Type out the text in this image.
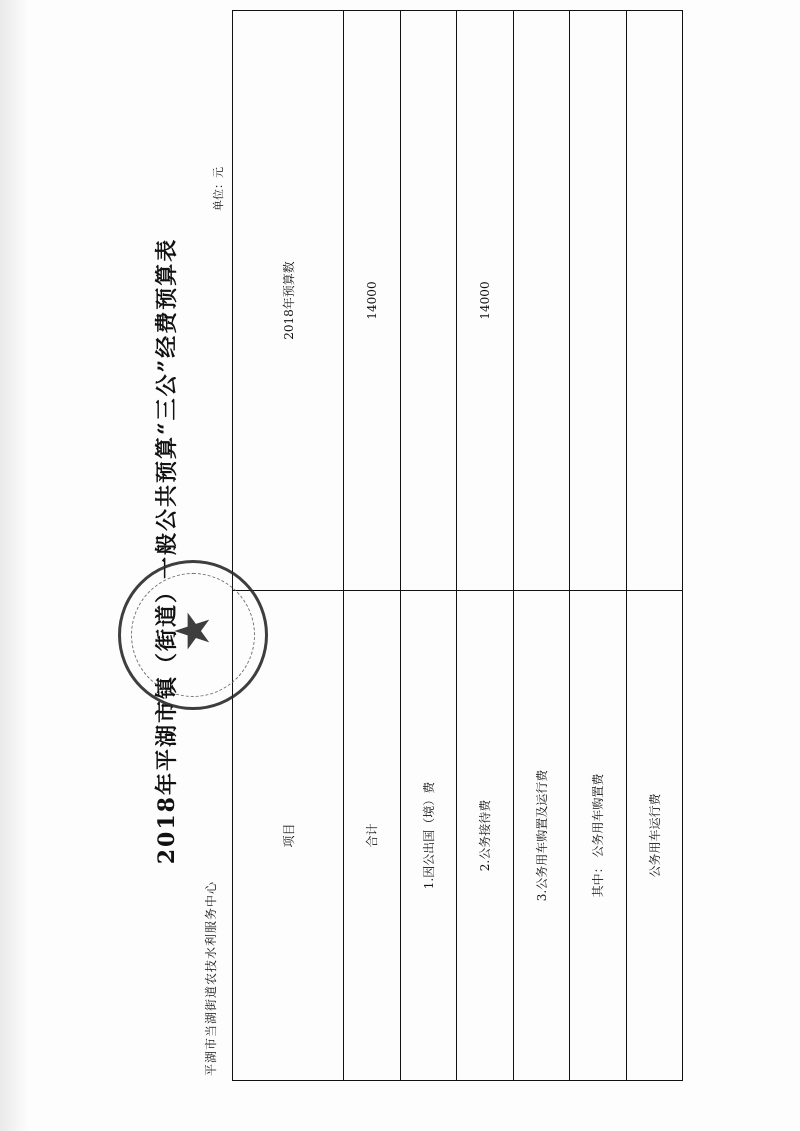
2018年平湖市镇（街道）一般公共预算“三公”经费预算表
平湖市当湖街道农技水利服务中心
单位：元
项目	2018年预算数
合计	14000
1.因公出国（境）费	
2.公务接待费	14000
3.公务用车购置及运行费	
其中： 公务用车购置费	
公务用车运行费	
★
